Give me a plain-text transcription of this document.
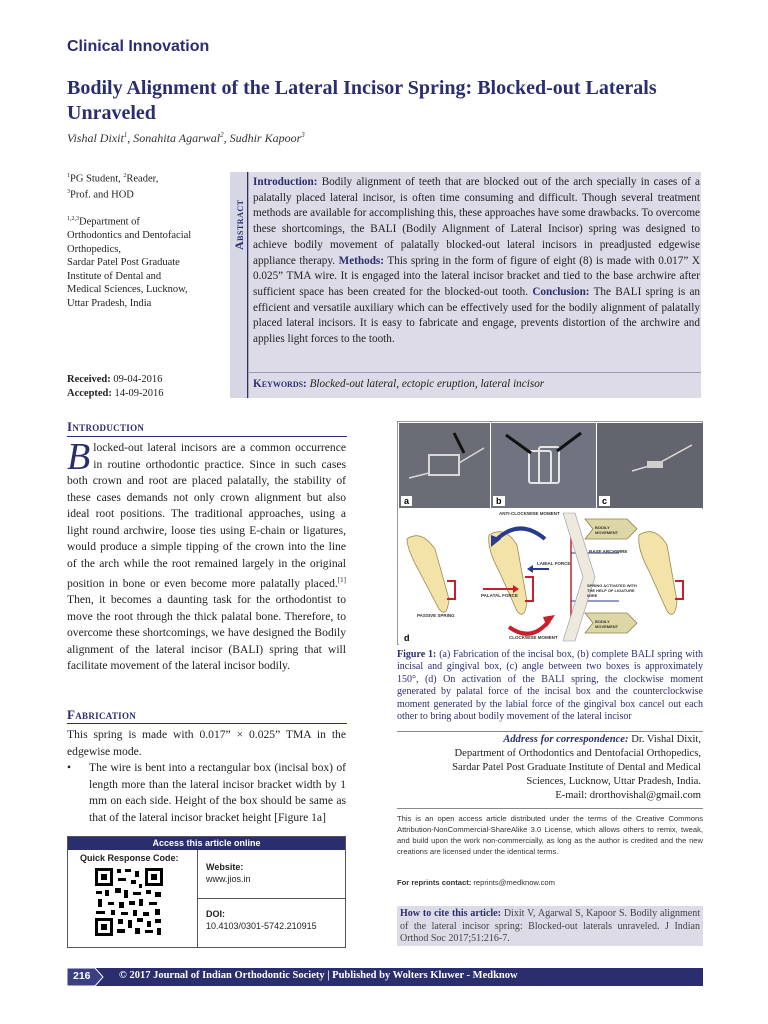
Clinical Innovation
Bodily Alignment of the Lateral Incisor Spring: Blocked-out Laterals Unraveled
Vishal Dixit$^1$, Sonahita Agarwal$^2$, Sudhir Kapoor$^3$
$^1$PG Student, $^2$Reader,
$^3$Prof. and HOD
$^{1,2,3}$Department of
Orthodontics and Dentofacial
Orthopedics,
Sardar Patel Post Graduate
Institute of Dental and
Medical Sciences, Lucknow,
Uttar Pradesh, India
Received: 09-04-2016
Accepted: 14-09-2016
Abstract
Introduction: Bodily alignment of teeth that are blocked out of the arch specially in cases of a palatally placed lateral incisor, is often time consuming and difficult. Though several treatment methods are available for accomplishing this, these approaches have some drawbacks. To overcome these shortcomings, the BALI (Bodily Alignment of Lateral Incisor) spring was designed to achieve bodily movement of palatally blocked-out lateral incisors in preadjusted edgewise appliance therapy. Methods: This spring in the form of figure of eight (8) is made with 0.017” X 0.025” TMA wire. It is engaged into the lateral incisor bracket and tied to the base archwire after sufficient space has been created for the blocked-out tooth. Conclusion: The BALI spring is an efficient and versatile auxiliary which can be effectively used for the bodily alignment of palatally placed lateral incisors. It is easy to fabricate and engage, prevents distortion of the archwire and applies light forces to the tooth.
Keywords: Blocked-out lateral, ectopic eruption, lateral incisor
Introduction
Blocked-out lateral incisors are a common occurrence in routine orthodontic practice. Since in such cases both crown and root are placed palatally, the stability of these cases demands not only crown alignment but also ideal root positions. The traditional approaches, using a light round archwire, loose ties using E-chain or ligatures, would produce a simple tipping of the crown into the line of the arch while the root remained largely in the original position in bone or even become more palatally placed.[1] Then, it becomes a daunting task for the orthodontist to move the root through the thick palatal bone. Therefore, to overcome these shortcomings, we have designed the Bodily alignment of the lateral incisor (BALI) spring that will facilitate movement of the lateral incisor bodily.
Fabrication
This spring is made with 0.017” × 0.025” TMA in the edgewise mode.
•	The wire is bent into a rectangular box (incisal box) of length more than the lateral incisor bracket width by 1 mm on each side. Height of the box should be same as that of the lateral incisor bracket height [Figure 1a]
Access this article online
Quick Response Code:
Website:
www.jios.in
DOI:
10.4103/0301-5742.210915
a	b	c
ANTI-CLOCKWISE MOMENT
CLOCKWISE MOMENT
LABIAL FORCE
PALATAL FORCE
PASSIVE SPRING
BASE ARCHWIRE
BODILY MOVEMENT
BODILY MOVEMENT
SPRING ACTIVATED WITH THE HELP OF LIGATURE WIRE
d
Figure 1: (a) Fabrication of the incisal box, (b) complete BALI spring with incisal and gingival box, (c) angle between two boxes is approximately 150°, (d) On activation of the BALI spring, the clockwise moment generated by palatal force of the incisal box and the counterclockwise moment generated by the labial force of the gingival box cancel out each other to bring about bodily movement of the lateral incisor
Address for correspondence: Dr. Vishal Dixit,
Department of Orthodontics and Dentofacial Orthopedics,
Sardar Patel Post Graduate Institute of Dental and Medical
Sciences, Lucknow, Uttar Pradesh, India.
E-mail: drorthovishal@gmail.com
This is an open access article distributed under the terms of the Creative Commons Attribution-NonCommercial-ShareAlike 3.0 License, which allows others to remix, tweak, and build upon the work non-commercially, as long as the author is credited and the new creations are licensed under the identical terms.
For reprints contact: reprints@medknow.com
How to cite this article: Dixit V, Agarwal S, Kapoor S. Bodily alignment of the lateral incisor spring: Blocked-out laterals unraveled. J Indian Orthod Soc 2017;51:216-7.
216	© 2017 Journal of Indian Orthodontic Society | Published by Wolters Kluwer - Medknow
